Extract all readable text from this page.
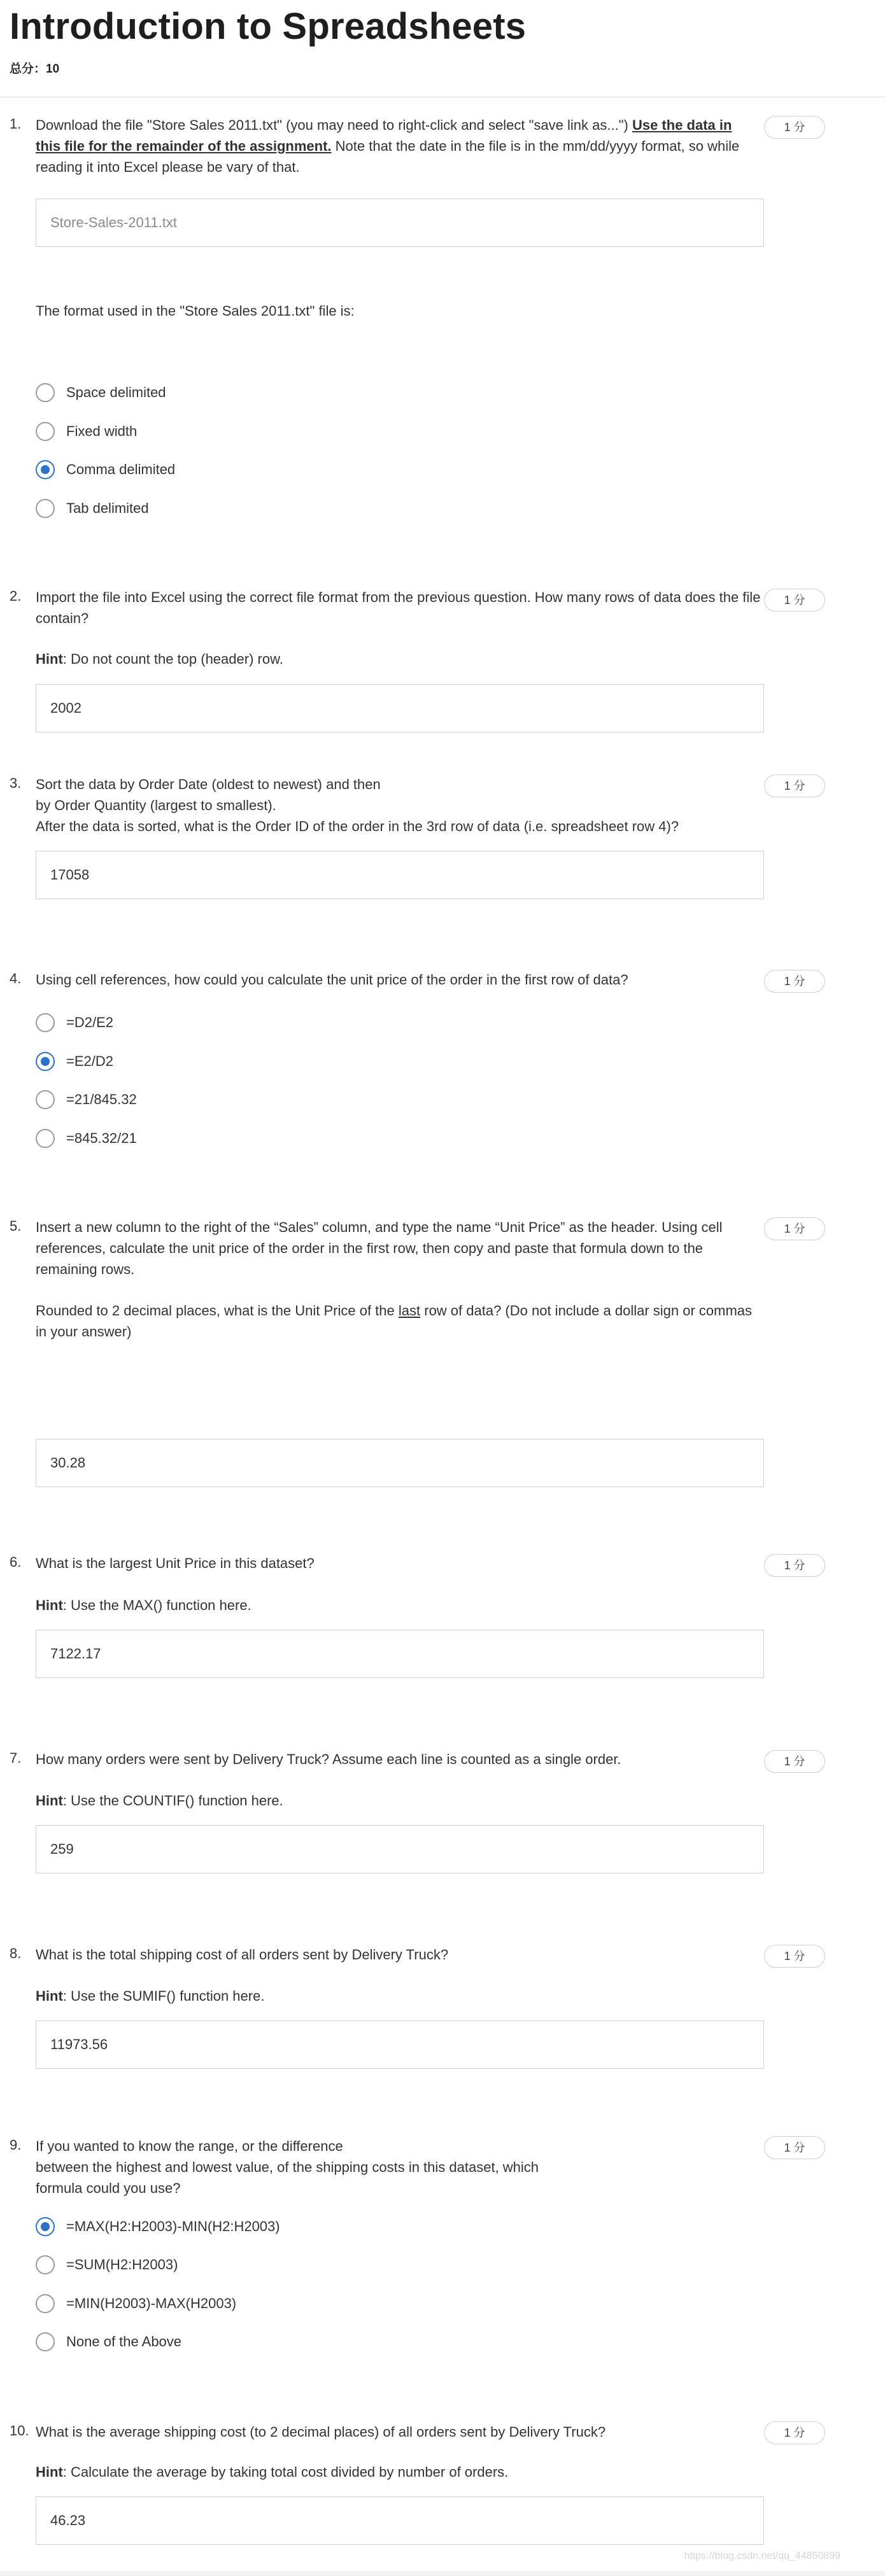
Introduction to Spreadsheets
总分：10
1. Download the file "Store Sales 2011.txt" (you may need to right-click and select "save link as...") Use the data in this file for the remainder of the assignment. Note that the date in the file is in the mm/dd/yyyy format, so while reading it into Excel please be vary of that.

1 分
Store-Sales-2011.txt

The format used in the "Store Sales 2011.txt" file is:

Space delimited
Fixed width
Comma delimited
Tab delimited
2. Import the file into Excel using the correct file format from the previous question. How many rows of data does the file contain?

1 分

Hint: Do not count the top (header) row.

2002
3. Sort the data by Order Date (oldest to newest) and then

by Order Quantity (largest to smallest).

After the data is sorted, what is the Order ID of the order in the 3rd row of data (i.e. spreadsheet row 4)?

1 分
17058
4. Using cell references, how could you calculate the unit price of the order in the first row of data?	1 分
=D2/E2
=E2/D2
=21/845.32
=845.32/21
5. Insert a new column to the right of the “Sales” column, and type the name “Unit Price” as the header. Using cell references, calculate the unit price of the order in the first row, then copy and paste that formula down to the remaining rows.

1 分

Rounded to 2 decimal places, what is the Unit Price of the last row of data? (Do not include a dollar sign or commas in your answer)

30.28
6. What is the largest Unit Price in this dataset?	1 分

Hint: Use the MAX() function here.

7122.17
7. How many orders were sent by Delivery Truck? Assume each line is counted as a single order.	1 分

Hint: Use the COUNTIF() function here.

259
8. What is the total shipping cost of all orders sent by Delivery Truck?	1 分

Hint: Use the SUMIF() function here.

11973.56
9. If you wanted to know the range, or the difference

between the highest and lowest value, of the shipping costs in this dataset, which

formula could you use?

1 分
=MAX(H2:H2003)-MIN(H2:H2003)
=SUM(H2:H2003)
=MIN(H2003)-MAX(H2003)
None of the Above
10. What is the average shipping cost (to 2 decimal places) of all orders sent by Delivery Truck?	1 分

Hint: Calculate the average by taking total cost divided by number of orders.

46.23
https://blog.csdn.net/qq_44850899
